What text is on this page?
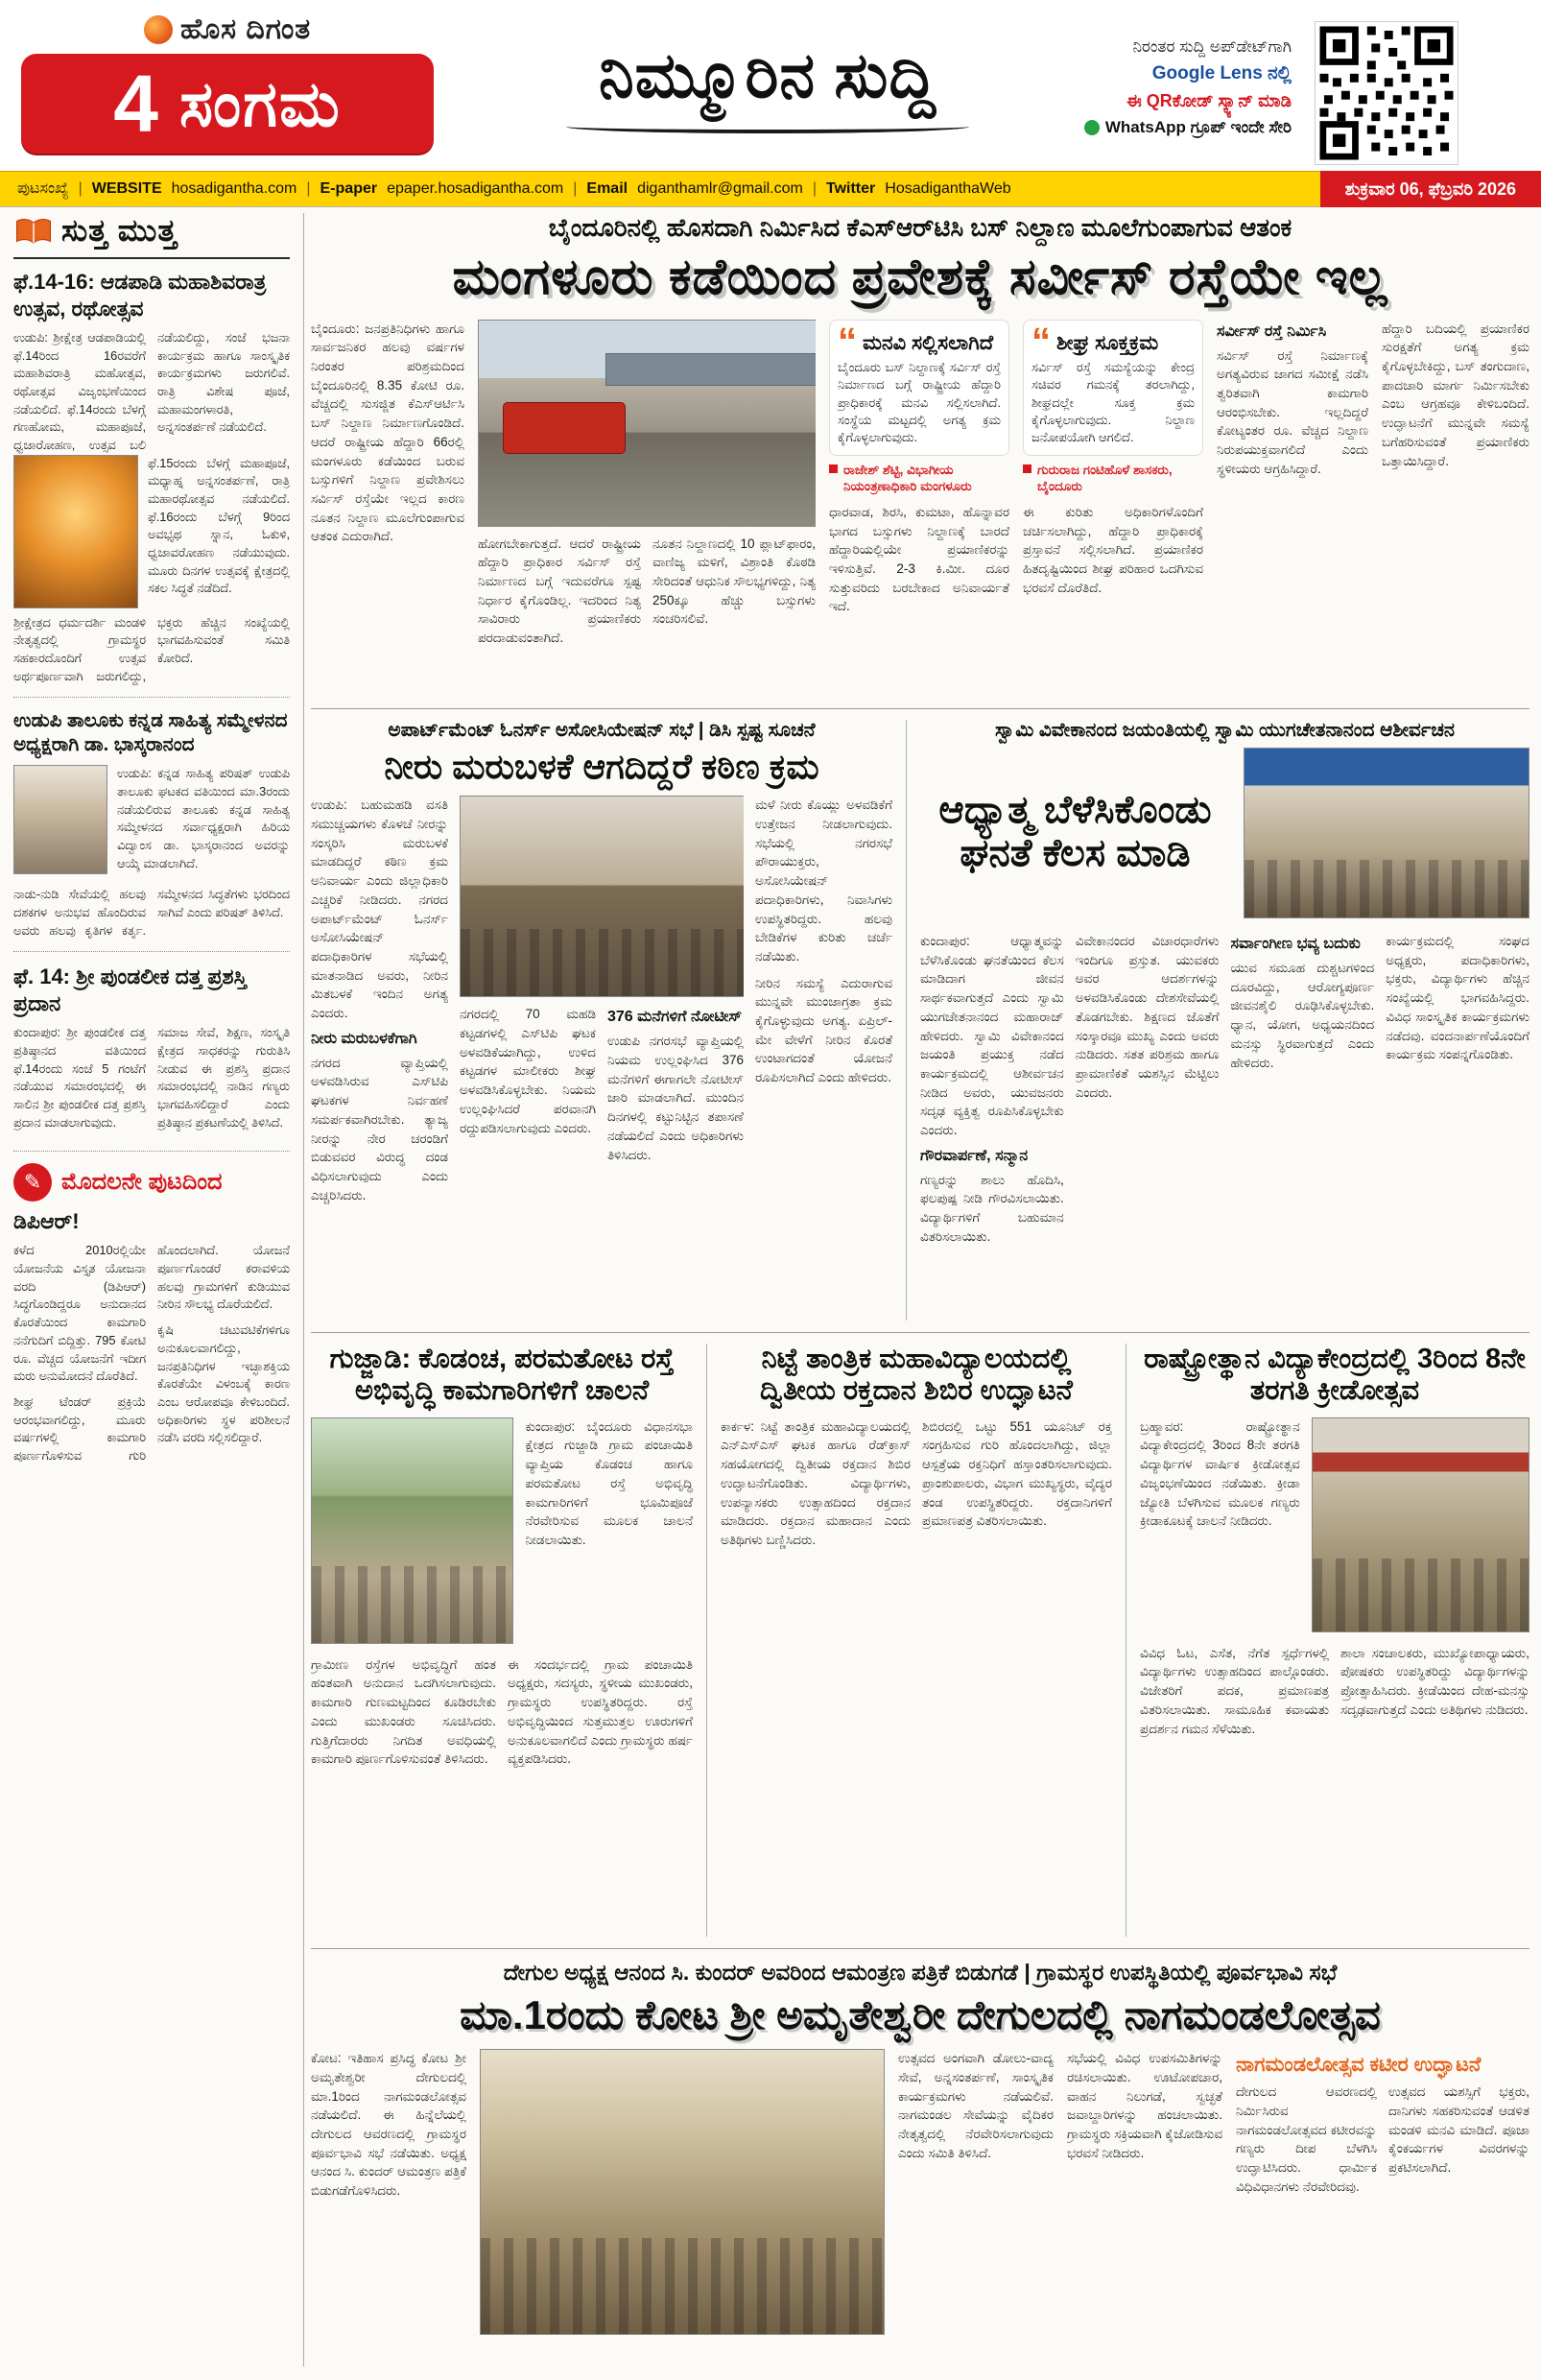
ಹೊಸ ದಿಗಂತ
4 ಸಂಗಮ	ನಿಮ್ಮೂರಿನ ಸುದ್ದಿ	ನಿರಂತರ ಸುದ್ದಿ ಅಪ್‌ಡೇಟ್‌ಗಾಗಿ
Google Lens ನಲ್ಲಿ
ಈ QRಕೋಡ್ ಸ್ಕ್ಯಾನ್ ಮಾಡಿ
WhatsApp ಗ್ರೂಪ್ ಇಂದೇ ಸೇರಿ
ಪುಟಸಂಖ್ಯೆ | WEBSITE hosadigantha.com | E-paper epaper.hosadigantha.com | Email diganthamlr@gmail.com | Twitter HosadiganthaWeb	ಶುಕ್ರವಾರ 06, ಫೆಬ್ರವರಿ 2026
ಸುತ್ತ ಮುತ್ತ
ಫೆ.14-16: ಆಡಪಾಡಿ ಮಹಾಶಿವರಾತ್ರ ಉತ್ಸವ, ರಥೋತ್ಸವ

ಉಡುಪಿ: ಶ್ರೀಕ್ಷೇತ್ರ ಆಡಪಾಡಿಯಲ್ಲಿ ಫೆ.14ರಿಂದ 16ರವರೆಗೆ ಮಹಾಶಿವರಾತ್ರಿ ಮಹೋತ್ಸವ, ರಥೋತ್ಸವ ವಿಜೃಂಭಣೆಯಿಂದ ನಡೆಯಲಿದೆ. ಫೆ.14ರಂದು ಬೆಳಗ್ಗೆ ಗಣಹೋಮ, ಮಹಾಪೂಜೆ, ಧ್ವಜಾರೋಹಣ, ಉತ್ಸವ ಬಲಿ ನಡೆಯಲಿದ್ದು, ಸಂಜೆ ಭಜನಾ ಕಾರ್ಯಕ್ರಮ ಹಾಗೂ ಸಾಂಸ್ಕೃತಿಕ ಕಾರ್ಯಕ್ರಮಗಳು ಜರುಗಲಿವೆ. ರಾತ್ರಿ ವಿಶೇಷ ಪೂಜೆ, ಮಹಾಮಂಗಳಾರತಿ, ಅನ್ನಸಂತರ್ಪಣೆ ನಡೆಯಲಿದೆ.

ಫೆ.15ರಂದು ಬೆಳಗ್ಗೆ ಮಹಾಪೂಜೆ, ಮಧ್ಯಾಹ್ನ ಅನ್ನಸಂತರ್ಪಣೆ, ರಾತ್ರಿ ಮಹಾರಥೋತ್ಸವ ನಡೆಯಲಿದೆ. ಫೆ.16ರಂದು ಬೆಳಗ್ಗೆ 9ರಿಂದ ಅವಭೃಥ ಸ್ನಾನ, ಓಕುಳಿ, ಧ್ವಜಾವರೋಹಣ ನಡೆಯುವುದು. ಮೂರು ದಿನಗಳ ಉತ್ಸವಕ್ಕೆ ಕ್ಷೇತ್ರದಲ್ಲಿ ಸಕಲ ಸಿದ್ಧತೆ ನಡೆದಿದೆ.

ಶ್ರೀಕ್ಷೇತ್ರದ ಧರ್ಮದರ್ಶಿ ಮಂಡಳಿ ನೇತೃತ್ವದಲ್ಲಿ ಗ್ರಾಮಸ್ಥರ ಸಹಕಾರದೊಂದಿಗೆ ಉತ್ಸವ ಅರ್ಥಪೂರ್ಣವಾಗಿ ಜರುಗಲಿದ್ದು, ಭಕ್ತರು ಹೆಚ್ಚಿನ ಸಂಖ್ಯೆಯಲ್ಲಿ ಭಾಗವಹಿಸುವಂತೆ ಸಮಿತಿ ಕೋರಿದೆ.

ಉಡುಪಿ ತಾಲೂಕು ಕನ್ನಡ ಸಾಹಿತ್ಯ ಸಮ್ಮೇಳನದ ಅಧ್ಯಕ್ಷರಾಗಿ ಡಾ. ಭಾಸ್ಕರಾನಂದ

ಉಡುಪಿ: ಕನ್ನಡ ಸಾಹಿತ್ಯ ಪರಿಷತ್ ಉಡುಪಿ ತಾಲೂಕು ಘಟಕದ ವತಿಯಿಂದ ಮಾ.3ರಂದು ನಡೆಯಲಿರುವ ತಾಲೂಕು ಕನ್ನಡ ಸಾಹಿತ್ಯ ಸಮ್ಮೇಳನದ ಸರ್ವಾಧ್ಯಕ್ಷರಾಗಿ ಹಿರಿಯ ವಿದ್ವಾಂಸ ಡಾ. ಭಾಸ್ಕರಾನಂದ ಅವರನ್ನು ಆಯ್ಕೆ ಮಾಡಲಾಗಿದೆ.

ನಾಡು-ನುಡಿ ಸೇವೆಯಲ್ಲಿ ಹಲವು ದಶಕಗಳ ಅನುಭವ ಹೊಂದಿರುವ ಅವರು ಹಲವು ಕೃತಿಗಳ ಕರ್ತೃ. ಸಮ್ಮೇಳನದ ಸಿದ್ಧತೆಗಳು ಭರದಿಂದ ಸಾಗಿವೆ ಎಂದು ಪರಿಷತ್ ತಿಳಿಸಿದೆ.

ಫೆ. 14: ಶ್ರೀ ಪುಂಡಲೀಕ ದತ್ತ ಪ್ರಶಸ್ತಿ ಪ್ರದಾನ

ಕುಂದಾಪುರ: ಶ್ರೀ ಪುಂಡಲೀಕ ದತ್ತ ಪ್ರತಿಷ್ಠಾನದ ವತಿಯಿಂದ ಫೆ.14ರಂದು ಸಂಜೆ 5 ಗಂಟೆಗೆ ನಡೆಯುವ ಸಮಾರಂಭದಲ್ಲಿ ಈ ಸಾಲಿನ ಶ್ರೀ ಪುಂಡಲೀಕ ದತ್ತ ಪ್ರಶಸ್ತಿ ಪ್ರದಾನ ಮಾಡಲಾಗುವುದು.

ಸಮಾಜ ಸೇವೆ, ಶಿಕ್ಷಣ, ಸಂಸ್ಕೃತಿ ಕ್ಷೇತ್ರದ ಸಾಧಕರನ್ನು ಗುರುತಿಸಿ ನೀಡುವ ಈ ಪ್ರಶಸ್ತಿ ಪ್ರದಾನ ಸಮಾರಂಭದಲ್ಲಿ ನಾಡಿನ ಗಣ್ಯರು ಭಾಗವಹಿಸಲಿದ್ದಾರೆ ಎಂದು ಪ್ರತಿಷ್ಠಾನ ಪ್ರಕಟಣೆಯಲ್ಲಿ ತಿಳಿಸಿದೆ.

✎ ಮೊದಲನೇ ಪುಟದಿಂದ
ಡಿಪಿಆರ್!

ಕಳೆದ 2010ರಲ್ಲಿಯೇ ಯೋಜನೆಯ ವಿಸ್ತೃತ ಯೋಜನಾ ವರದಿ (ಡಿಪಿಆರ್) ಸಿದ್ಧಗೊಂಡಿದ್ದರೂ ಅನುದಾನದ ಕೊರತೆಯಿಂದ ಕಾಮಗಾರಿ ನನೆಗುದಿಗೆ ಬಿದ್ದಿತ್ತು. 795 ಕೋಟಿ ರೂ. ವೆಚ್ಚದ ಯೋಜನೆಗೆ ಇದೀಗ ಮರು ಅನುಮೋದನೆ ದೊರೆತಿದೆ.

ಶೀಘ್ರ ಟೆಂಡರ್ ಪ್ರಕ್ರಿಯೆ ಆರಂಭವಾಗಲಿದ್ದು, ಮೂರು ವರ್ಷಗಳಲ್ಲಿ ಕಾಮಗಾರಿ ಪೂರ್ಣಗೊಳಿಸುವ ಗುರಿ ಹೊಂದಲಾಗಿದೆ. ಯೋಜನೆ ಪೂರ್ಣಗೊಂಡರೆ ಕರಾವಳಿಯ ಹಲವು ಗ್ರಾಮಗಳಿಗೆ ಕುಡಿಯುವ ನೀರಿನ ಸೌಲಭ್ಯ ದೊರೆಯಲಿದೆ.

ಕೃಷಿ ಚಟುವಟಿಕೆಗಳಿಗೂ ಅನುಕೂಲವಾಗಲಿದ್ದು, ಜನಪ್ರತಿನಿಧಿಗಳ ಇಚ್ಛಾಶಕ್ತಿಯ ಕೊರತೆಯೇ ವಿಳಂಬಕ್ಕೆ ಕಾರಣ ಎಂಬ ಆರೋಪವೂ ಕೇಳಿಬಂದಿದೆ. ಅಧಿಕಾರಿಗಳು ಸ್ಥಳ ಪರಿಶೀಲನೆ ನಡೆಸಿ ವರದಿ ಸಲ್ಲಿಸಲಿದ್ದಾರೆ.

ಬೈಂದೂರಿನಲ್ಲಿ ಹೊಸದಾಗಿ ನಿರ್ಮಿಸಿದ ಕೆಎಸ್‌ಆರ್‌ಟಿಸಿ ಬಸ್ ನಿಲ್ದಾಣ ಮೂಲೆಗುಂಪಾಗುವ ಆತಂಕ
ಮಂಗಳೂರು ಕಡೆಯಿಂದ ಪ್ರವೇಶಕ್ಕೆ ಸರ್ವೀಸ್ ರಸ್ತೆಯೇ ಇಲ್ಲ

ಬೈಂದೂರು: ಜನಪ್ರತಿನಿಧಿಗಳು ಹಾಗೂ ಸಾರ್ವಜನಿಕರ ಹಲವು ವರ್ಷಗಳ ನಿರಂತರ ಪರಿಶ್ರಮದಿಂದ ಬೈಂದೂರಿನಲ್ಲಿ 8.35 ಕೋಟಿ ರೂ. ವೆಚ್ಚದಲ್ಲಿ ಸುಸಜ್ಜಿತ ಕೆಎಸ್ಆರ್ಟಿಸಿ ಬಸ್ ನಿಲ್ದಾಣ ನಿರ್ಮಾಣಗೊಂಡಿದೆ. ಆದರೆ ರಾಷ್ಟ್ರೀಯ ಹೆದ್ದಾರಿ 66ರಲ್ಲಿ ಮಂಗಳೂರು ಕಡೆಯಿಂದ ಬರುವ ಬಸ್ಸುಗಳಿಗೆ ನಿಲ್ದಾಣ ಪ್ರವೇಶಿಸಲು ಸರ್ವಿಸ್ ರಸ್ತೆಯೇ ಇಲ್ಲದ ಕಾರಣ ನೂತನ ನಿಲ್ದಾಣ ಮೂಲೆಗುಂಪಾಗುವ ಆತಂಕ ಎದುರಾಗಿದೆ.	ಹೋಗಬೇಕಾಗುತ್ತದೆ. ಆದರೆ ರಾಷ್ಟ್ರೀಯ ಹೆದ್ದಾರಿ ಪ್ರಾಧಿಕಾರ ಸರ್ವಿಸ್ ರಸ್ತೆ ನಿರ್ಮಾಣದ ಬಗ್ಗೆ ಇದುವರೆಗೂ ಸ್ಪಷ್ಟ ನಿರ್ಧಾರ ಕೈಗೊಂಡಿಲ್ಲ. ಇದರಿಂದ ನಿತ್ಯ ಸಾವಿರಾರು ಪ್ರಯಾಣಿಕರು ಪರದಾಡುವಂತಾಗಿದೆ.

ನೂತನ ನಿಲ್ದಾಣದಲ್ಲಿ 10 ಪ್ಲಾಟ್‌ಫಾರಂ, ವಾಣಿಜ್ಯ ಮಳಿಗೆ, ವಿಶ್ರಾಂತಿ ಕೊಠಡಿ ಸೇರಿದಂತೆ ಆಧುನಿಕ ಸೌಲಭ್ಯಗಳಿದ್ದು, ನಿತ್ಯ 250ಕ್ಕೂ ಹೆಚ್ಚು ಬಸ್ಸುಗಳು ಸಂಚರಿಸಲಿವೆ.

“ ಮನವಿ ಸಲ್ಲಿಸಲಾಗಿದೆ

ಬೈಂದೂರು ಬಸ್ ನಿಲ್ದಾಣಕ್ಕೆ ಸರ್ವಿಸ್ ರಸ್ತೆ ನಿರ್ಮಾಣದ ಬಗ್ಗೆ ರಾಷ್ಟ್ರೀಯ ಹೆದ್ದಾರಿ ಪ್ರಾಧಿಕಾರಕ್ಕೆ ಮನವಿ ಸಲ್ಲಿಸಲಾಗಿದೆ. ಸಂಸ್ಥೆಯ ಮಟ್ಟದಲ್ಲಿ ಅಗತ್ಯ ಕ್ರಮ ಕೈಗೊಳ್ಳಲಾಗುವುದು.

ರಾಜೇಶ್ ಶೆಟ್ಟಿ, ವಿಭಾಗೀಯ ನಿಯಂತ್ರಣಾಧಿಕಾರಿ ಮಂಗಳೂರು

ಧಾರವಾಡ, ಶಿರಸಿ, ಕುಮಟಾ, ಹೊನ್ನಾವರ ಭಾಗದ ಬಸ್ಸುಗಳು ನಿಲ್ದಾಣಕ್ಕೆ ಬಾರದೆ ಹೆದ್ದಾರಿಯಲ್ಲಿಯೇ ಪ್ರಯಾಣಿಕರನ್ನು ಇಳಿಸುತ್ತಿವೆ. 2-3 ಕಿ.ಮೀ. ದೂರ ಸುತ್ತುವರಿದು ಬರಬೇಕಾದ ಅನಿವಾರ್ಯತೆ ಇದೆ.

“ ಶೀಘ್ರ ಸೂಕ್ತಕ್ರಮ

ಸರ್ವಿಸ್ ರಸ್ತೆ ಸಮಸ್ಯೆಯನ್ನು ಕೇಂದ್ರ ಸಚಿವರ ಗಮನಕ್ಕೆ ತರಲಾಗಿದ್ದು, ಶೀಘ್ರದಲ್ಲೇ ಸೂಕ್ತ ಕ್ರಮ ಕೈಗೊಳ್ಳಲಾಗುವುದು. ನಿಲ್ದಾಣ ಜನೋಪಯೋಗಿ ಆಗಲಿದೆ.

ಗುರುರಾಜ ಗಂಟಿಹೊಳೆ ಶಾಸಕರು, ಬೈಂದೂರು

ಈ ಕುರಿತು ಅಧಿಕಾರಿಗಳೊಂದಿಗೆ ಚರ್ಚಿಸಲಾಗಿದ್ದು, ಹೆದ್ದಾರಿ ಪ್ರಾಧಿಕಾರಕ್ಕೆ ಪ್ರಸ್ತಾವನೆ ಸಲ್ಲಿಸಲಾಗಿದೆ. ಪ್ರಯಾಣಿಕರ ಹಿತದೃಷ್ಟಿಯಿಂದ ಶೀಘ್ರ ಪರಿಹಾರ ಒದಗಿಸುವ ಭರವಸೆ ದೊರೆತಿದೆ.

ಸರ್ವೀಸ್ ರಸ್ತೆ ನಿರ್ಮಿಸಿ

ಸರ್ವಿಸ್ ರಸ್ತೆ ನಿರ್ಮಾಣಕ್ಕೆ ಅಗತ್ಯವಿರುವ ಜಾಗದ ಸಮೀಕ್ಷೆ ನಡೆಸಿ ತ್ವರಿತವಾಗಿ ಕಾಮಗಾರಿ ಆರಂಭಿಸಬೇಕು. ಇಲ್ಲದಿದ್ದರೆ ಕೋಟ್ಯಂತರ ರೂ. ವೆಚ್ಚದ ನಿಲ್ದಾಣ ನಿರುಪಯುಕ್ತವಾಗಲಿದೆ ಎಂದು ಸ್ಥಳೀಯರು ಆಗ್ರಹಿಸಿದ್ದಾರೆ.

ಹೆದ್ದಾರಿ ಬದಿಯಲ್ಲಿ ಪ್ರಯಾಣಿಕರ ಸುರಕ್ಷತೆಗೆ ಅಗತ್ಯ ಕ್ರಮ ಕೈಗೊಳ್ಳಬೇಕಿದ್ದು, ಬಸ್ ತಂಗುದಾಣ, ಪಾದಚಾರಿ ಮಾರ್ಗ ನಿರ್ಮಿಸಬೇಕು ಎಂಬ ಆಗ್ರಹವೂ ಕೇಳಿಬಂದಿದೆ. ಉದ್ಘಾಟನೆಗೆ ಮುನ್ನವೇ ಸಮಸ್ಯೆ ಬಗೆಹರಿಸುವಂತೆ ಪ್ರಯಾಣಿಕರು ಒತ್ತಾಯಿಸಿದ್ದಾರೆ.

ಅಪಾರ್ಟ್‌ಮೆಂಟ್ ಓನರ್ಸ್ ಅಸೋಸಿಯೇಷನ್ ಸಭೆ | ಡಿಸಿ ಸ್ಪಷ್ಟ ಸೂಚನೆ
ನೀರು ಮರುಬಳಕೆ ಆಗದಿದ್ದರೆ ಕಠಿಣ ಕ್ರಮ

ಉಡುಪಿ: ಬಹುಮಹಡಿ ವಸತಿ ಸಮುಚ್ಚಯಗಳು ಕೊಳಚೆ ನೀರನ್ನು ಸಂಸ್ಕರಿಸಿ ಮರುಬಳಕೆ ಮಾಡದಿದ್ದರೆ ಕಠಿಣ ಕ್ರಮ ಅನಿವಾರ್ಯ ಎಂದು ಜಿಲ್ಲಾಧಿಕಾರಿ ಎಚ್ಚರಿಕೆ ನೀಡಿದರು. ನಗರದ ಅಪಾರ್ಟ್‌ಮೆಂಟ್ ಓನರ್ಸ್ ಅಸೋಸಿಯೇಷನ್ ಪದಾಧಿಕಾರಿಗಳ ಸಭೆಯಲ್ಲಿ ಮಾತನಾಡಿದ ಅವರು, ನೀರಿನ ಮಿತಬಳಕೆ ಇಂದಿನ ಅಗತ್ಯ ಎಂದರು.

ನೀರು ಮರುಬಳಕೆಗಾಗಿ

ನಗರದ ವ್ಯಾಪ್ತಿಯಲ್ಲಿ ಅಳವಡಿಸಿರುವ ಎಸ್‌ಟಿಪಿ ಘಟಕಗಳ ನಿರ್ವಹಣೆ ಸಮರ್ಪಕವಾಗಿರಬೇಕು. ತ್ಯಾಜ್ಯ ನೀರನ್ನು ನೇರ ಚರಂಡಿಗೆ ಬಿಡುವವರ ವಿರುದ್ಧ ದಂಡ ವಿಧಿಸಲಾಗುವುದು ಎಂದು ಎಚ್ಚರಿಸಿದರು.

ನಗರದಲ್ಲಿ 70 ಮಹಡಿ ಕಟ್ಟಡಗಳಲ್ಲಿ ಎಸ್‌ಟಿಪಿ ಘಟಕ ಅಳವಡಿಕೆಯಾಗಿದ್ದು, ಉಳಿದ ಕಟ್ಟಡಗಳ ಮಾಲೀಕರು ಶೀಘ್ರ ಅಳವಡಿಸಿಕೊಳ್ಳಬೇಕು. ನಿಯಮ ಉಲ್ಲಂಘಿಸಿದರೆ ಪರವಾನಗಿ ರದ್ದುಪಡಿಸಲಾಗುವುದು ಎಂದರು.

376 ಮನೆಗಳಿಗೆ ನೋಟೀಸ್

ಉಡುಪಿ ನಗರಸಭೆ ವ್ಯಾಪ್ತಿಯಲ್ಲಿ ನಿಯಮ ಉಲ್ಲಂಘಿಸಿದ 376 ಮನೆಗಳಿಗೆ ಈಗಾಗಲೇ ನೋಟೀಸ್ ಜಾರಿ ಮಾಡಲಾಗಿದೆ. ಮುಂದಿನ ದಿನಗಳಲ್ಲಿ ಕಟ್ಟುನಿಟ್ಟಿನ ತಪಾಸಣೆ ನಡೆಯಲಿದೆ ಎಂದು ಅಧಿಕಾರಿಗಳು ತಿಳಿಸಿದರು.

ಮಳೆ ನೀರು ಕೊಯ್ಲು ಅಳವಡಿಕೆಗೆ ಉತ್ತೇಜನ ನೀಡಲಾಗುವುದು. ಸಭೆಯಲ್ಲಿ ನಗರಸಭೆ ಪೌರಾಯುಕ್ತರು, ಅಸೋಸಿಯೇಷನ್ ಪದಾಧಿಕಾರಿಗಳು, ನಿವಾಸಿಗಳು ಉಪಸ್ಥಿತರಿದ್ದರು. ಹಲವು ಬೇಡಿಕೆಗಳ ಕುರಿತು ಚರ್ಚೆ ನಡೆಯಿತು.

ನೀರಿನ ಸಮಸ್ಯೆ ಎದುರಾಗುವ ಮುನ್ನವೇ ಮುಂಜಾಗ್ರತಾ ಕ್ರಮ ಕೈಗೊಳ್ಳುವುದು ಅಗತ್ಯ. ಏಪ್ರಿಲ್-ಮೇ ವೇಳೆಗೆ ನೀರಿನ ಕೊರತೆ ಉಂಟಾಗದಂತೆ ಯೋಜನೆ ರೂಪಿಸಲಾಗಿದೆ ಎಂದು ಹೇಳಿದರು.

ಸ್ವಾಮಿ ವಿವೇಕಾನಂದ ಜಯಂತಿಯಲ್ಲಿ ಸ್ವಾಮಿ ಯುಗಚೇತನಾನಂದ ಆಶೀರ್ವಚನ
ಆಧ್ಯಾತ್ಮ ಬೆಳೆಸಿಕೊಂಡು ಘನತೆ ಕೆಲಸ ಮಾಡಿ

ಕುಂದಾಪುರ: ಆಧ್ಯಾತ್ಮವನ್ನು ಬೆಳೆಸಿಕೊಂಡು ಘನತೆಯಿಂದ ಕೆಲಸ ಮಾಡಿದಾಗ ಜೀವನ ಸಾರ್ಥಕವಾಗುತ್ತದೆ ಎಂದು ಸ್ವಾಮಿ ಯುಗಚೇತನಾನಂದ ಮಹಾರಾಜ್ ಹೇಳಿದರು. ಸ್ವಾಮಿ ವಿವೇಕಾನಂದ ಜಯಂತಿ ಪ್ರಯುಕ್ತ ನಡೆದ ಕಾರ್ಯಕ್ರಮದಲ್ಲಿ ಆಶೀರ್ವಚನ ನೀಡಿದ ಅವರು, ಯುವಜನರು ಸದೃಢ ವ್ಯಕ್ತಿತ್ವ ರೂಪಿಸಿಕೊಳ್ಳಬೇಕು ಎಂದರು.

ಗೌರವಾರ್ಪಣೆ, ಸನ್ಮಾನ

ಗಣ್ಯರನ್ನು ಶಾಲು ಹೊದಿಸಿ, ಫಲಪುಷ್ಪ ನೀಡಿ ಗೌರವಿಸಲಾಯಿತು. ವಿದ್ಯಾರ್ಥಿಗಳಿಗೆ ಬಹುಮಾನ ವಿತರಿಸಲಾಯಿತು.

ವಿವೇಕಾನಂದರ ವಿಚಾರಧಾರೆಗಳು ಇಂದಿಗೂ ಪ್ರಸ್ತುತ. ಯುವಕರು ಅವರ ಆದರ್ಶಗಳನ್ನು ಅಳವಡಿಸಿಕೊಂಡು ದೇಶಸೇವೆಯಲ್ಲಿ ತೊಡಗಬೇಕು. ಶಿಕ್ಷಣದ ಜೊತೆಗೆ ಸಂಸ್ಕಾರವೂ ಮುಖ್ಯ ಎಂದು ಅವರು ನುಡಿದರು. ಸತತ ಪರಿಶ್ರಮ ಹಾಗೂ ಪ್ರಾಮಾಣಿಕತೆ ಯಶಸ್ಸಿನ ಮೆಟ್ಟಿಲು ಎಂದರು.

ಸರ್ವಾಂಗೀಣ ಭವ್ಯ ಬದುಕು

ಯುವ ಸಮೂಹ ದುಶ್ಚಟಗಳಿಂದ ದೂರವಿದ್ದು, ಆರೋಗ್ಯಪೂರ್ಣ ಜೀವನಶೈಲಿ ರೂಢಿಸಿಕೊಳ್ಳಬೇಕು. ಧ್ಯಾನ, ಯೋಗ, ಅಧ್ಯಯನದಿಂದ ಮನಸ್ಸು ಸ್ಥಿರವಾಗುತ್ತದೆ ಎಂದು ಹೇಳಿದರು.

ಕಾರ್ಯಕ್ರಮದಲ್ಲಿ ಸಂಘದ ಅಧ್ಯಕ್ಷರು, ಪದಾಧಿಕಾರಿಗಳು, ಭಕ್ತರು, ವಿದ್ಯಾರ್ಥಿಗಳು ಹೆಚ್ಚಿನ ಸಂಖ್ಯೆಯಲ್ಲಿ ಭಾಗವಹಿಸಿದ್ದರು. ವಿವಿಧ ಸಾಂಸ್ಕೃತಿಕ ಕಾರ್ಯಕ್ರಮಗಳು ನಡೆದವು. ವಂದನಾರ್ಪಣೆಯೊಂದಿಗೆ ಕಾರ್ಯಕ್ರಮ ಸಂಪನ್ನಗೊಂಡಿತು.

ಗುಜ್ಜಾಡಿ: ಕೊಡಂಚ, ಪರಮತೋಟ ರಸ್ತೆ ಅಭಿವೃದ್ಧಿ ಕಾಮಗಾರಿಗಳಿಗೆ ಚಾಲನೆ

ಕುಂದಾಪುರ: ಬೈಂದೂರು ವಿಧಾನಸಭಾ ಕ್ಷೇತ್ರದ ಗುಜ್ಜಾಡಿ ಗ್ರಾಮ ಪಂಚಾಯಿತಿ ವ್ಯಾಪ್ತಿಯ ಕೊಡಂಚ ಹಾಗೂ ಪರಮತೋಟ ರಸ್ತೆ ಅಭಿವೃದ್ಧಿ ಕಾಮಗಾರಿಗಳಿಗೆ ಭೂಮಿಪೂಜೆ ನೆರವೇರಿಸುವ ಮೂಲಕ ಚಾಲನೆ ನೀಡಲಾಯಿತು.

ಗ್ರಾಮೀಣ ರಸ್ತೆಗಳ ಅಭಿವೃದ್ಧಿಗೆ ಹಂತ ಹಂತವಾಗಿ ಅನುದಾನ ಒದಗಿಸಲಾಗುವುದು. ಕಾಮಗಾರಿ ಗುಣಮಟ್ಟದಿಂದ ಕೂಡಿರಬೇಕು ಎಂದು ಮುಖಂಡರು ಸೂಚಿಸಿದರು. ಗುತ್ತಿಗೆದಾರರು ನಿಗದಿತ ಅವಧಿಯಲ್ಲಿ ಕಾಮಗಾರಿ ಪೂರ್ಣಗೊಳಿಸುವಂತೆ ತಿಳಿಸಿದರು.

ಈ ಸಂದರ್ಭದಲ್ಲಿ ಗ್ರಾಮ ಪಂಚಾಯಿತಿ ಅಧ್ಯಕ್ಷರು, ಸದಸ್ಯರು, ಸ್ಥಳೀಯ ಮುಖಂಡರು, ಗ್ರಾಮಸ್ಥರು ಉಪಸ್ಥಿತರಿದ್ದರು. ರಸ್ತೆ ಅಭಿವೃದ್ಧಿಯಿಂದ ಸುತ್ತಮುತ್ತಲ ಊರುಗಳಿಗೆ ಅನುಕೂಲವಾಗಲಿದೆ ಎಂದು ಗ್ರಾಮಸ್ಥರು ಹರ್ಷ ವ್ಯಕ್ತಪಡಿಸಿದರು.

ನಿಟ್ಟೆ ತಾಂತ್ರಿಕ ಮಹಾವಿದ್ಯಾಲಯದಲ್ಲಿ ದ್ವಿತೀಯ ರಕ್ತದಾನ ಶಿಬಿರ ಉದ್ಘಾಟನೆ

ಕಾರ್ಕಳ: ನಿಟ್ಟೆ ತಾಂತ್ರಿಕ ಮಹಾವಿದ್ಯಾಲಯದಲ್ಲಿ ಎನ್‌ಎಸ್‌ಎಸ್ ಘಟಕ ಹಾಗೂ ರೆಡ್‌ಕ್ರಾಸ್ ಸಹಯೋಗದಲ್ಲಿ ದ್ವಿತೀಯ ರಕ್ತದಾನ ಶಿಬಿರ ಉದ್ಘಾಟನೆಗೊಂಡಿತು. ವಿದ್ಯಾರ್ಥಿಗಳು, ಉಪನ್ಯಾಸಕರು ಉತ್ಸಾಹದಿಂದ ರಕ್ತದಾನ ಮಾಡಿದರು. ರಕ್ತದಾನ ಮಹಾದಾನ ಎಂದು ಅತಿಥಿಗಳು ಬಣ್ಣಿಸಿದರು.

ಶಿಬಿರದಲ್ಲಿ ಒಟ್ಟು 551 ಯೂನಿಟ್ ರಕ್ತ ಸಂಗ್ರಹಿಸುವ ಗುರಿ ಹೊಂದಲಾಗಿದ್ದು, ಜಿಲ್ಲಾ ಆಸ್ಪತ್ರೆಯ ರಕ್ತನಿಧಿಗೆ ಹಸ್ತಾಂತರಿಸಲಾಗುವುದು. ಪ್ರಾಂಶುಪಾಲರು, ವಿಭಾಗ ಮುಖ್ಯಸ್ಥರು, ವೈದ್ಯರ ತಂಡ ಉಪಸ್ಥಿತರಿದ್ದರು. ರಕ್ತದಾನಿಗಳಿಗೆ ಪ್ರಮಾಣಪತ್ರ ವಿತರಿಸಲಾಯಿತು.

ರಾಷ್ಟ್ರೋತ್ಥಾನ ವಿದ್ಯಾಕೇಂದ್ರದಲ್ಲಿ 3ರಿಂದ 8ನೇ ತರಗತಿ ಕ್ರೀಡೋತ್ಸವ

ಬ್ರಹ್ಮಾವರ: ರಾಷ್ಟ್ರೋತ್ಥಾನ ವಿದ್ಯಾಕೇಂದ್ರದಲ್ಲಿ 3ರಿಂದ 8ನೇ ತರಗತಿ ವಿದ್ಯಾರ್ಥಿಗಳ ವಾರ್ಷಿಕ ಕ್ರೀಡೋತ್ಸವ ವಿಜೃಂಭಣೆಯಿಂದ ನಡೆಯಿತು. ಕ್ರೀಡಾ ಜ್ಯೋತಿ ಬೆಳಗಿಸುವ ಮೂಲಕ ಗಣ್ಯರು ಕ್ರೀಡಾಕೂಟಕ್ಕೆ ಚಾಲನೆ ನೀಡಿದರು.

ವಿವಿಧ ಓಟ, ಎಸೆತ, ನೆಗೆತ ಸ್ಪರ್ಧೆಗಳಲ್ಲಿ ವಿದ್ಯಾರ್ಥಿಗಳು ಉತ್ಸಾಹದಿಂದ ಪಾಲ್ಗೊಂಡರು. ವಿಜೇತರಿಗೆ ಪದಕ, ಪ್ರಮಾಣಪತ್ರ ವಿತರಿಸಲಾಯಿತು. ಸಾಮೂಹಿಕ ಕವಾಯತು ಪ್ರದರ್ಶನ ಗಮನ ಸೆಳೆಯಿತು.

ಶಾಲಾ ಸಂಚಾಲಕರು, ಮುಖ್ಯೋಪಾಧ್ಯಾಯರು, ಪೋಷಕರು ಉಪಸ್ಥಿತರಿದ್ದು ವಿದ್ಯಾರ್ಥಿಗಳನ್ನು ಪ್ರೋತ್ಸಾಹಿಸಿದರು. ಕ್ರೀಡೆಯಿಂದ ದೇಹ-ಮನಸ್ಸು ಸದೃಢವಾಗುತ್ತದೆ ಎಂದು ಅತಿಥಿಗಳು ನುಡಿದರು.

ದೇಗುಲ ಅಧ್ಯಕ್ಷ ಆನಂದ ಸಿ. ಕುಂದರ್ ಅವರಿಂದ ಆಮಂತ್ರಣ ಪತ್ರಿಕೆ ಬಿಡುಗಡೆ | ಗ್ರಾಮಸ್ಥರ ಉಪಸ್ಥಿತಿಯಲ್ಲಿ ಪೂರ್ವಭಾವಿ ಸಭೆ
ಮಾ.1ರಂದು ಕೋಟ ಶ್ರೀ ಅಮೃತೇಶ್ವರೀ ದೇಗುಲದಲ್ಲಿ ನಾಗಮಂಡಲೋತ್ಸವ

ಕೋಟ: ಇತಿಹಾಸ ಪ್ರಸಿದ್ಧ ಕೋಟ ಶ್ರೀ ಅಮೃತೇಶ್ವರೀ ದೇಗುಲದಲ್ಲಿ ಮಾ.1ರಿಂದ ನಾಗಮಂಡಲೋತ್ಸವ ನಡೆಯಲಿದೆ. ಈ ಹಿನ್ನೆಲೆಯಲ್ಲಿ ದೇಗುಲದ ಆವರಣದಲ್ಲಿ ಗ್ರಾಮಸ್ಥರ ಪೂರ್ವಭಾವಿ ಸಭೆ ನಡೆಯಿತು. ಅಧ್ಯಕ್ಷ ಆನಂದ ಸಿ. ಕುಂದರ್ ಆಮಂತ್ರಣ ಪತ್ರಿಕೆ ಬಿಡುಗಡೆಗೊಳಿಸಿದರು.

ಉತ್ಸವದ ಅಂಗವಾಗಿ ಡೋಲು-ವಾದ್ಯ ಸೇವೆ, ಅನ್ನಸಂತರ್ಪಣೆ, ಸಾಂಸ್ಕೃತಿಕ ಕಾರ್ಯಕ್ರಮಗಳು ನಡೆಯಲಿವೆ. ನಾಗಮಂಡಲ ಸೇವೆಯನ್ನು ವೈದಿಕರ ನೇತೃತ್ವದಲ್ಲಿ ನೆರವೇರಿಸಲಾಗುವುದು ಎಂದು ಸಮಿತಿ ತಿಳಿಸಿದೆ.

ಸಭೆಯಲ್ಲಿ ವಿವಿಧ ಉಪಸಮಿತಿಗಳನ್ನು ರಚಿಸಲಾಯಿತು. ಊಟೋಪಚಾರ, ವಾಹನ ನಿಲುಗಡೆ, ಸ್ವಚ್ಛತೆ ಜವಾಬ್ದಾರಿಗಳನ್ನು ಹಂಚಲಾಯಿತು. ಗ್ರಾಮಸ್ಥರು ಸಕ್ರಿಯವಾಗಿ ಕೈಜೋಡಿಸುವ ಭರವಸೆ ನೀಡಿದರು.

ನಾಗಮಂಡಲೋತ್ಸವ ಕಟೀರ ಉದ್ಘಾಟನೆ

ದೇಗುಲದ ಆವರಣದಲ್ಲಿ ನಿರ್ಮಿಸಿರುವ ನಾಗಮಂಡಲೋತ್ಸವದ ಕಟೀರವನ್ನು ಗಣ್ಯರು ದೀಪ ಬೆಳಗಿಸಿ ಉದ್ಘಾಟಿಸಿದರು. ಧಾರ್ಮಿಕ ವಿಧಿವಿಧಾನಗಳು ನೆರವೇರಿದವು.

ಉತ್ಸವದ ಯಶಸ್ಸಿಗೆ ಭಕ್ತರು, ದಾನಿಗಳು ಸಹಕರಿಸುವಂತೆ ಆಡಳಿತ ಮಂಡಳಿ ಮನವಿ ಮಾಡಿದೆ. ಪೂಜಾ ಕೈಂಕರ್ಯಗಳ ವಿವರಗಳನ್ನು ಪ್ರಕಟಿಸಲಾಗಿದೆ.
